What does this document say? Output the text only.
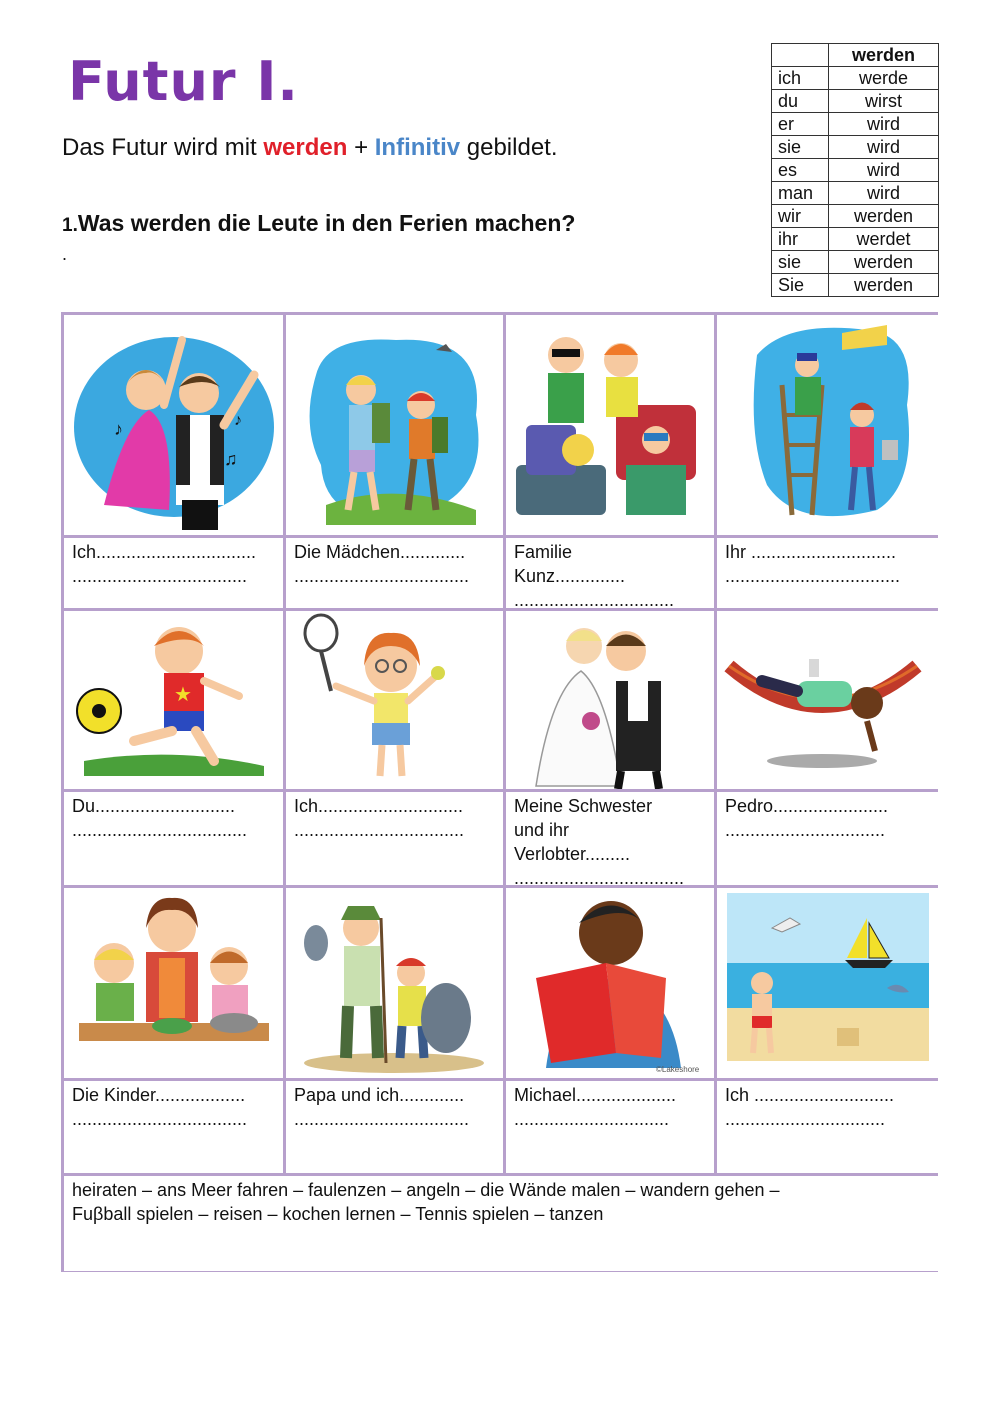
Futur I.
Das Futur wird mit werden + Infinitiv gebildet.
1.Was werden die Leute in den Ferien machen?
.
	werden
ich	werde
du	wirst
er	wird
sie	wird
es	wird
man	wird
wir	werden
ihr	werdet
sie	werden
Sie	werden
♪
♫
♪
Ich................................
...................................
Die Mädchen.............
...................................
Familie
Kunz..............
................................
Ihr .............................
...................................
★
Du............................
...................................
Ich.............................
..................................
Meine Schwester
und ihr
Verlobter.........
..................................
Pedro.......................
................................
©Lakeshore
Die Kinder..................
...................................
Papa und ich.............
...................................
Michael....................
...............................
Ich ............................
................................
heiraten – ans Meer fahren – faulenzen – angeln – die Wände malen – wandern gehen –
Fuβball spielen – reisen – kochen lernen – Tennis spielen – tanzen
